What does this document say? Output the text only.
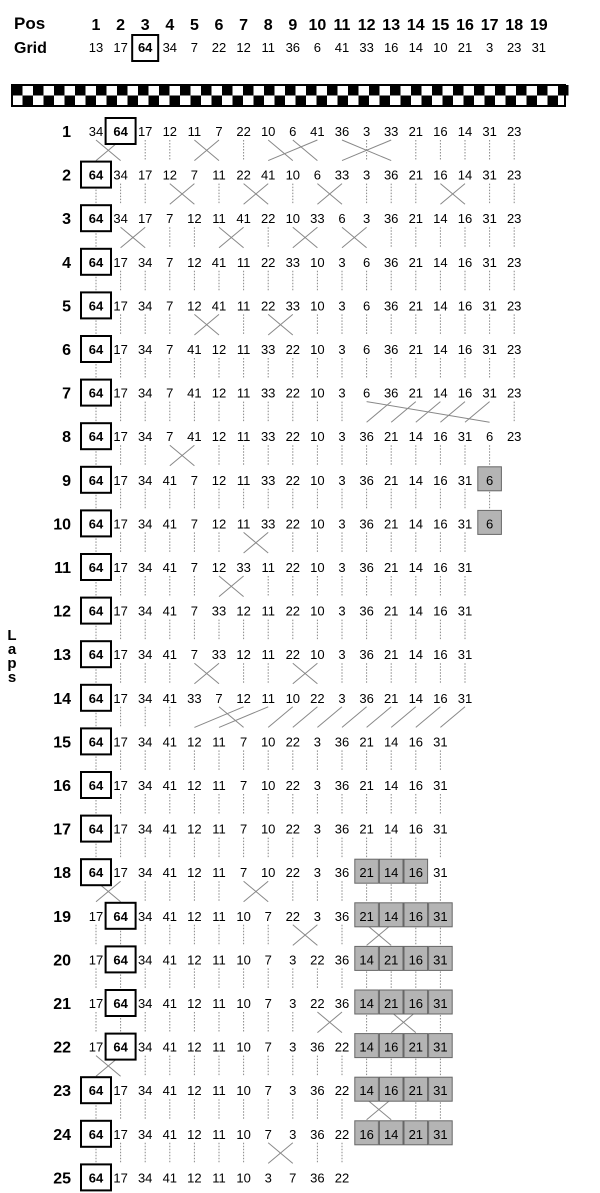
Pos
Grid
1
13
2
17
3
64
4
34
5
7
6
22
7
12
8
11
9
36
10
6
11
41
12
33
13
16
14
14
15
10
16
21
17
3
18
23
19
31
L
a
p
s
1 34 64 17 12 11 7 22 10 6 41 36 3 33 21 16 14 31 23
2 64 34 17 12 7 11 22 41 10 6 33 3 36 21 16 14 31 23
3 64 34 17 7 12 11 41 22 10 33 6 3 36 21 14 16 31 23
4 64 17 34 7 12 41 11 22 33 10 3 6 36 21 14 16 31 23
5 64 17 34 7 12 41 11 22 33 10 3 6 36 21 14 16 31 23
6 64 17 34 7 41 12 11 33 22 10 3 6 36 21 14 16 31 23
7 64 17 34 7 41 12 11 33 22 10 3 6 36 21 14 16 31 23
8 64 17 34 7 41 12 11 33 22 10 3 36 21 14 16 31 6 23
9 64 17 34 41 7 12 11 33 22 10 3 36 21 14 16 31 6
10 64 17 34 41 7 12 11 33 22 10 3 36 21 14 16 31 6
11 64 17 34 41 7 12 33 11 22 10 3 36 21 14 16 31
12 64 17 34 41 7 33 12 11 22 10 3 36 21 14 16 31
13 64 17 34 41 7 33 12 11 22 10 3 36 21 14 16 31
14 64 17 34 41 33 7 12 11 10 22 3 36 21 14 16 31
15 64 17 34 41 12 11 7 10 22 3 36 21 14 16 31
16 64 17 34 41 12 11 7 10 22 3 36 21 14 16 31
17 64 17 34 41 12 11 7 10 22 3 36 21 14 16 31
18 64 17 34 41 12 11 7 10 22 3 36 21 14 16 31
19 17 64 34 41 12 11 10 7 22 3 36 21 14 16 31
20 17 64 34 41 12 11 10 7 3 22 36 14 21 16 31
21 17 64 34 41 12 11 10 7 3 22 36 14 21 16 31
22 17 64 34 41 12 11 10 7 3 36 22 14 16 21 31
23 64 17 34 41 12 11 10 7 3 36 22 14 16 21 31
24 64 17 34 41 12 11 10 7 3 36 22 16 14 21 31
25 64 17 34 41 12 11 10 3 7 36 22
